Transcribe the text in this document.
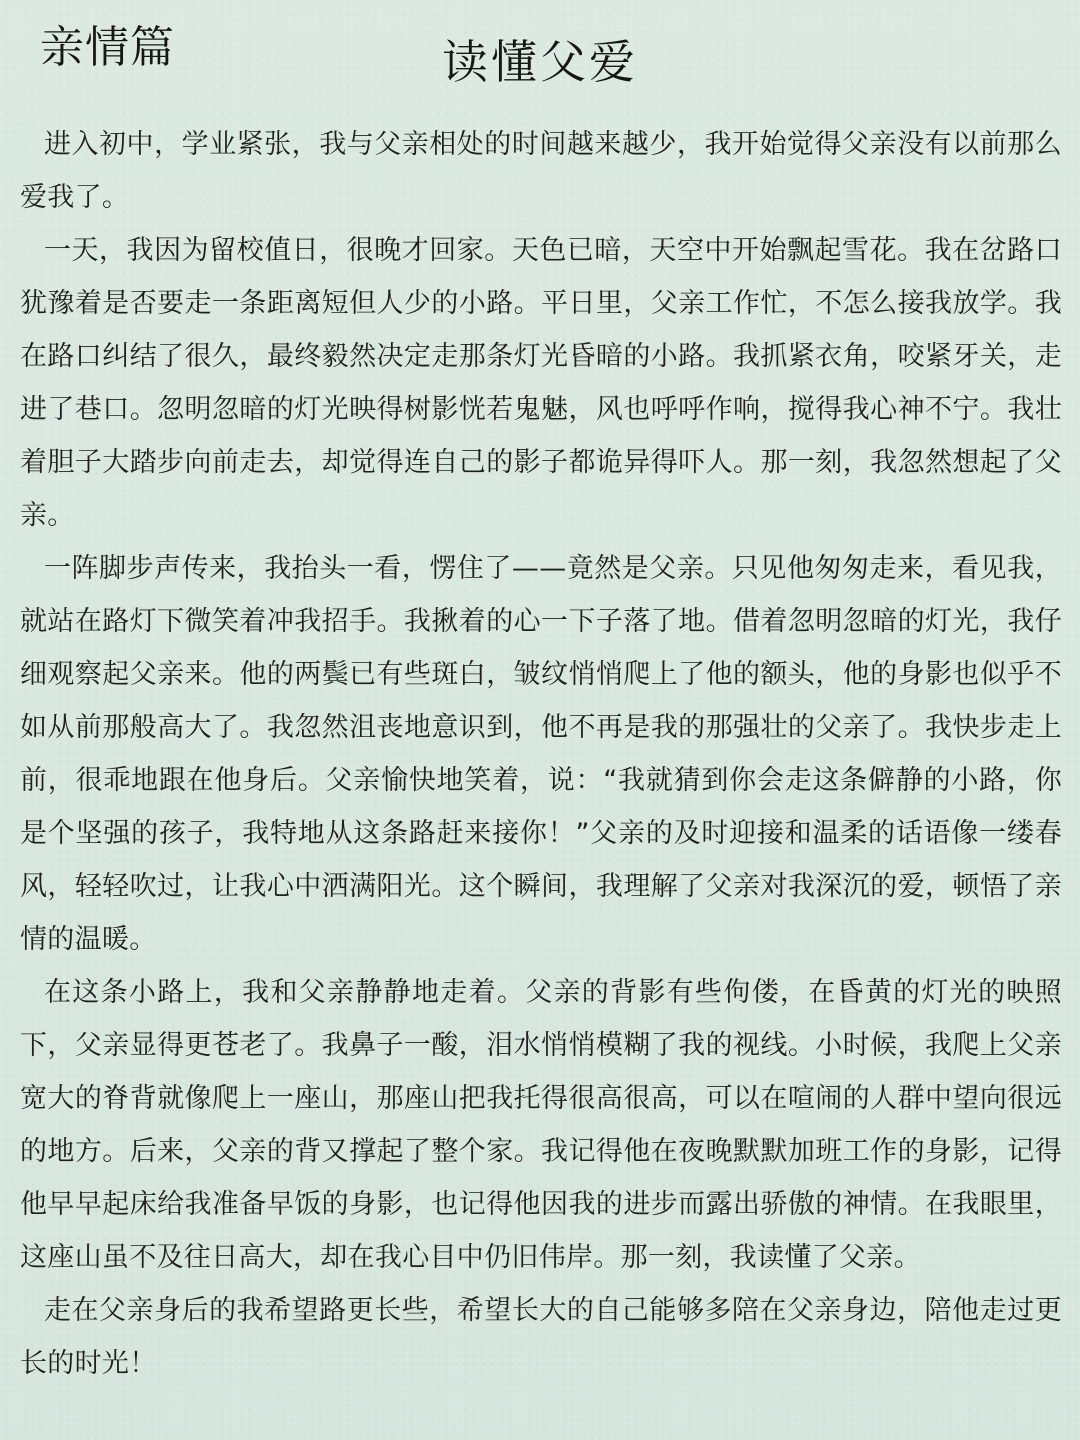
亲情篇	读懂父爱

进入初中，学业紧张，我与父亲相处的时间越来越少，我开始觉得父亲没有以前那么爱我了。

一天，我因为留校值日，很晚才回家。天色已暗，天空中开始飘起雪花。我在岔路口犹豫着是否要走一条距离短但人少的小路。平日里，父亲工作忙，不怎么接我放学。我在路口纠结了很久，最终毅然决定走那条灯光昏暗的小路。我抓紧衣角，咬紧牙关，走进了巷口。忽明忽暗的灯光映得树影恍若鬼魅，风也呼呼作响，搅得我心神不宁。我壮着胆子大踏步向前走去，却觉得连自己的影子都诡异得吓人。那一刻，我忽然想起了父亲。

一阵脚步声传来，我抬头一看，愣住了——竟然是父亲。只见他匆匆走来，看见我，就站在路灯下微笑着冲我招手。我揪着的心一下子落了地。借着忽明忽暗的灯光，我仔细观察起父亲来。他的两鬓已有些斑白，皱纹悄悄爬上了他的额头，他的身影也似乎不如从前那般高大了。我忽然沮丧地意识到，他不再是我的那强壮的父亲了。我快步走上前，很乖地跟在他身后。父亲愉快地笑着，说：“我就猜到你会走这条僻静的小路，你是个坚强的孩子，我特地从这条路赶来接你！”父亲的及时迎接和温柔的话语像一缕春风，轻轻吹过，让我心中洒满阳光。这个瞬间，我理解了父亲对我深沉的爱，顿悟了亲情的温暖。

在这条小路上，我和父亲静静地走着。父亲的背影有些佝偻，在昏黄的灯光的映照下，父亲显得更苍老了。我鼻子一酸，泪水悄悄模糊了我的视线。小时候，我爬上父亲宽大的脊背就像爬上一座山，那座山把我托得很高很高，可以在喧闹的人群中望向很远的地方。后来，父亲的背又撑起了整个家。我记得他在夜晚默默加班工作的身影，记得他早早起床给我准备早饭的身影，也记得他因我的进步而露出骄傲的神情。在我眼里，这座山虽不及往日高大，却在我心目中仍旧伟岸。那一刻，我读懂了父亲。

走在父亲身后的我希望路更长些，希望长大的自己能够多陪在父亲身边，陪他走过更长的时光！
